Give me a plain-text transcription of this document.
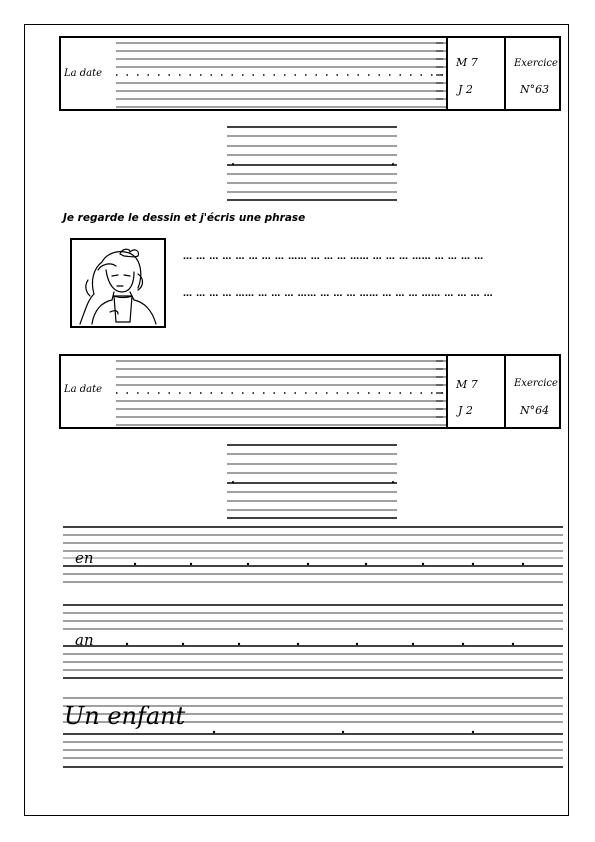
La date
M 7
J 2
Exercice
N°63
Je regarde le dessin et j'écris une phrase
… … … … … … … … …… … … … …… … … … …… … … … …
… … … … …… … … … …… … … … …… … … … …… … … … …
La date	M 7
J 2
Exercice
N°64
en
an
Un enfant
